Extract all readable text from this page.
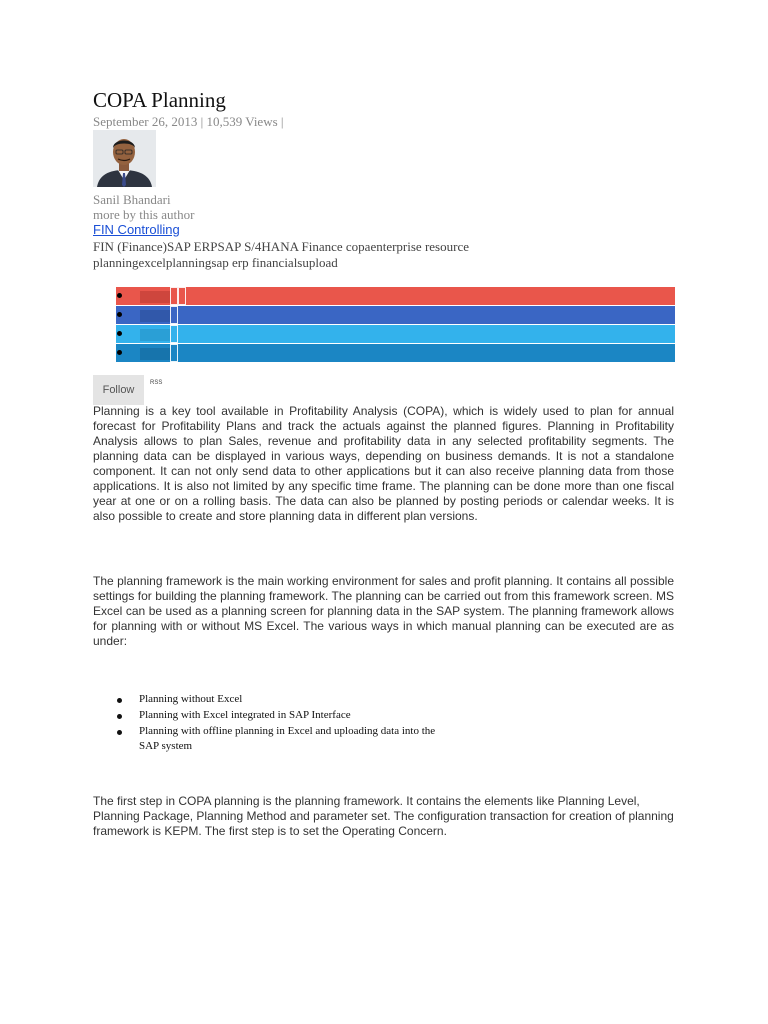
COPA Planning
September 26, 2013 | 10,539 Views |
Sanil Bhandari
more by this author
FIN Controlling
FIN (Finance)SAP ERPSAP S/4HANA Finance copaenterprise resource planningexcelplanningsap erp financialsupload
Follow
RSS

Planning is a key tool available in Profitability Analysis (COPA), which is widely used to plan for annual forecast for Profitability Plans and track the actuals against the planned figures. Planning in Profitability Analysis allows to plan Sales, revenue and profitability data in any selected profitability segments. The planning data can be displayed in various ways, depending on business demands. It is not a standalone component. It can not only send data to other applications but it can also receive planning data from those applications. It is also not limited by any specific time frame. The planning can be done more than one fiscal year at one or on a rolling basis. The data can also be planned by posting periods or calendar weeks. It is also possible to create and store planning data in different plan versions.

The planning framework is the main working environment for sales and profit planning. It contains all possible settings for building the planning framework. The planning can be carried out from this framework screen. MS Excel can be used as a planning screen for planning data in the SAP system. The planning framework allows for planning with or without MS Excel. The various ways in which manual planning can be executed are as under:

Planning without Excel
Planning with Excel integrated in SAP Interface
Planning with offline planning in Excel and uploading data into the SAP system

The first step in COPA planning is the planning framework. It contains the elements like Planning Level, Planning Package, Planning Method and parameter set. The configuration transaction for creation of planning framework is KEPM. The first step is to set the Operating Concern.
